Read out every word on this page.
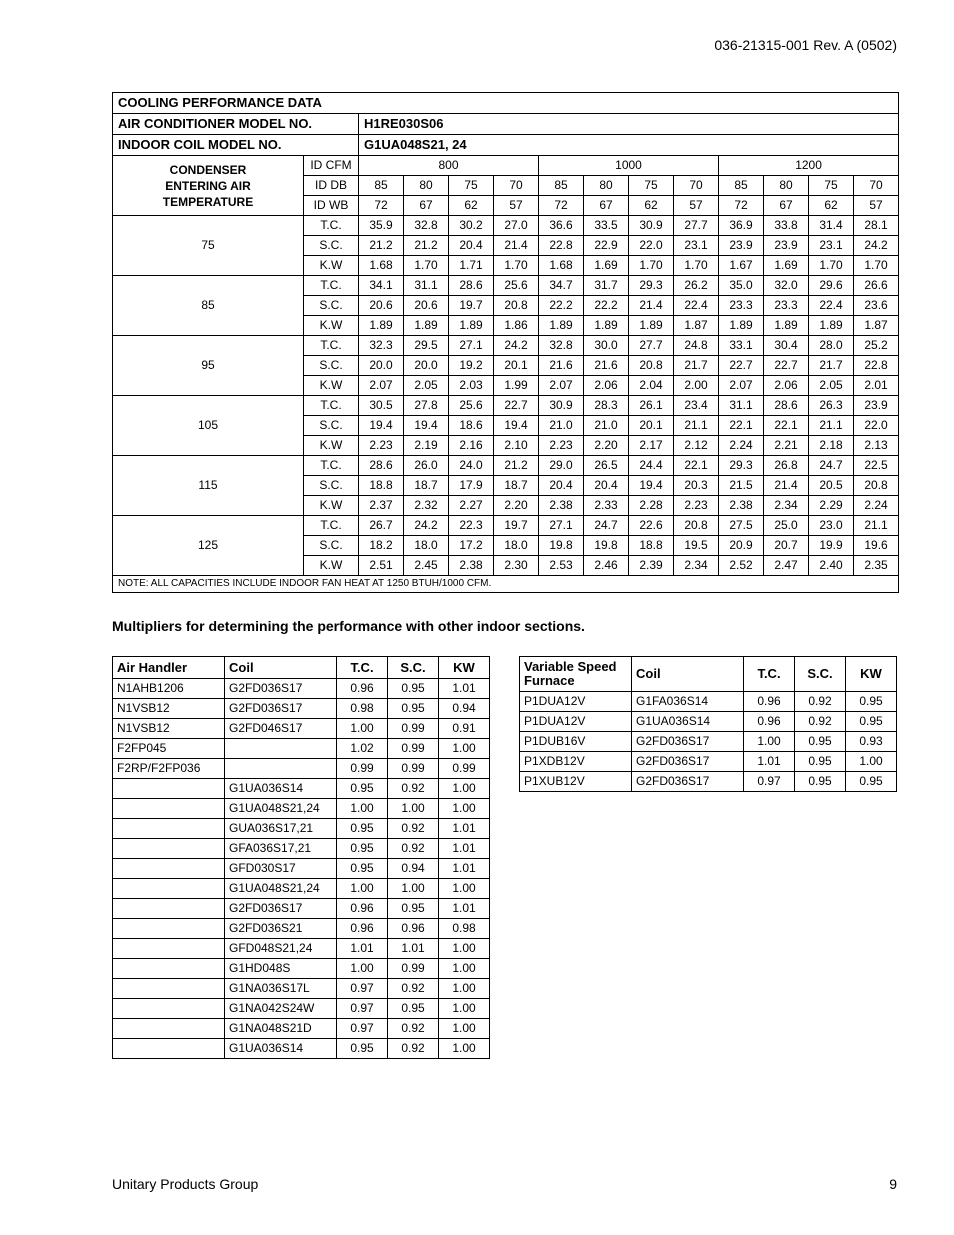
036-21315-001 Rev. A (0502)
COOLING PERFORMANCE DATA													
AIR CONDITIONER MODEL NO.		H1RE030S06											
INDOOR COIL MODEL NO.		G1UA048S21, 24											

CONDENSER
ENTERING AIR
TEMPERATURE	ID CFM	800				1000				1200			
	ID DB	85	80	75	70	85	80	75	70	85	80	75	70
	ID WB	72	67	62	57	72	67	62	57	72	67	62	57
75	T.C.	35.9	32.8	30.2	27.0	36.6	33.5	30.9	27.7	36.9	33.8	31.4	28.1
	S.C.	21.2	21.2	20.4	21.4	22.8	22.9	22.0	23.1	23.9	23.9	23.1	24.2
	K.W	1.68	1.70	1.71	1.70	1.68	1.69	1.70	1.70	1.67	1.69	1.70	1.70
85	T.C.	34.1	31.1	28.6	25.6	34.7	31.7	29.3	26.2	35.0	32.0	29.6	26.6
	S.C.	20.6	20.6	19.7	20.8	22.2	22.2	21.4	22.4	23.3	23.3	22.4	23.6
	K.W	1.89	1.89	1.89	1.86	1.89	1.89	1.89	1.87	1.89	1.89	1.89	1.87
95	T.C.	32.3	29.5	27.1	24.2	32.8	30.0	27.7	24.8	33.1	30.4	28.0	25.2
	S.C.	20.0	20.0	19.2	20.1	21.6	21.6	20.8	21.7	22.7	22.7	21.7	22.8
	K.W	2.07	2.05	2.03	1.99	2.07	2.06	2.04	2.00	2.07	2.06	2.05	2.01
105	T.C.	30.5	27.8	25.6	22.7	30.9	28.3	26.1	23.4	31.1	28.6	26.3	23.9
	S.C.	19.4	19.4	18.6	19.4	21.0	21.0	20.1	21.1	22.1	22.1	21.1	22.0
	K.W	2.23	2.19	2.16	2.10	2.23	2.20	2.17	2.12	2.24	2.21	2.18	2.13
115	T.C.	28.6	26.0	24.0	21.2	29.0	26.5	24.4	22.1	29.3	26.8	24.7	22.5
	S.C.	18.8	18.7	17.9	18.7	20.4	20.4	19.4	20.3	21.5	21.4	20.5	20.8
	K.W	2.37	2.32	2.27	2.20	2.38	2.33	2.28	2.23	2.38	2.34	2.29	2.24
125	T.C.	26.7	24.2	22.3	19.7	27.1	24.7	22.6	20.8	27.5	25.0	23.0	21.1
	S.C.	18.2	18.0	17.2	18.0	19.8	19.8	18.8	19.5	20.9	20.7	19.9	19.6
	K.W	2.51	2.45	2.38	2.30	2.53	2.46	2.39	2.34	2.52	2.47	2.40	2.35
NOTE: ALL CAPACITIES INCLUDE INDOOR FAN HEAT AT 1250 BTUH/1000 CFM.													
Multipliers for determining the performance with other indoor sections.
Air Handler	Coil	T.C.	S.C.	KW
N1AHB1206	G2FD036S17	0.96	0.95	1.01
N1VSB12	G2FD036S17	0.98	0.95	0.94
N1VSB12	G2FD046S17	1.00	0.99	0.91
F2FP045		1.02	0.99	1.00
F2RP/F2FP036		0.99	0.99	0.99
	G1UA036S14	0.95	0.92	1.00
	G1UA048S21,24	1.00	1.00	1.00
	GUA036S17,21	0.95	0.92	1.01
	GFA036S17,21	0.95	0.92	1.01
	GFD030S17	0.95	0.94	1.01
	G1UA048S21,24	1.00	1.00	1.00
	G2FD036S17	0.96	0.95	1.01
	G2FD036S21	0.96	0.96	0.98
	GFD048S21,24	1.01	1.01	1.00
	G1HD048S	1.00	0.99	1.00
	G1NA036S17L	0.97	0.92	1.00
	G1NA042S24W	0.97	0.95	1.00
	G1NA048S21D	0.97	0.92	1.00
	G1UA036S14	0.95	0.92	1.00
Variable Speed Furnace	Coil	T.C.	S.C.	KW
P1DUA12V	G1FA036S14	0.96	0.92	0.95
P1DUA12V	G1UA036S14	0.96	0.92	0.95
P1DUB16V	G2FD036S17	1.00	0.95	0.93
P1XDB12V	G2FD036S17	1.01	0.95	1.00
P1XUB12V	G2FD036S17	0.97	0.95	0.95
Unitary Products Group	9
